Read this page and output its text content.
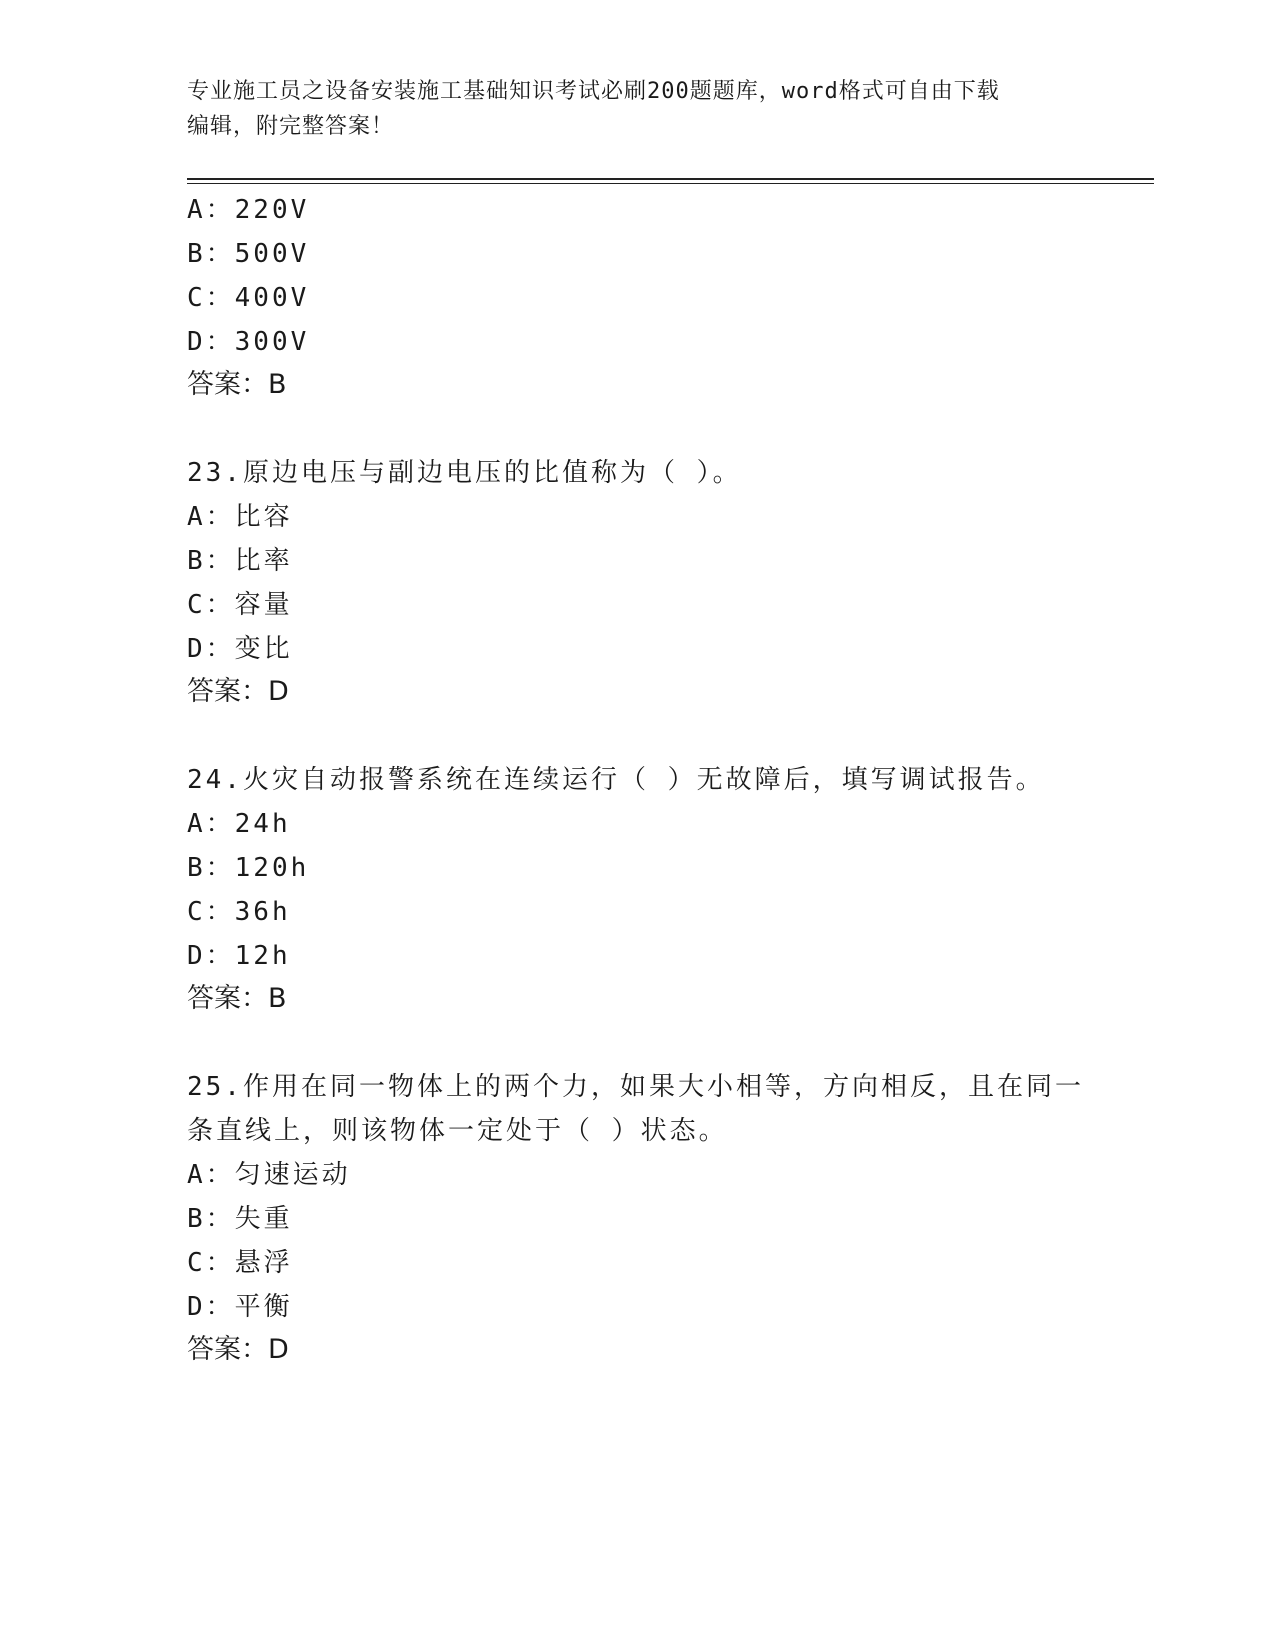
专业施工员之设备安装施工基础知识考试必刷200题题库，word格式可自由下载
编辑，附完整答案！
A：220V
B：500V
C：400V
D：300V
答案：B
23.原边电压与副边电压的比值称为（ ）。
A：比容
B：比率
C：容量
D：变比
答案：D
24.火灾自动报警系统在连续运行（ ）无故障后，填写调试报告。
A：24h
B：120h
C：36h
D：12h
答案：B
25.作用在同一物体上的两个力，如果大小相等，方向相反，且在同一
条直线上，则该物体一定处于（ ）状态。
A：匀速运动
B：失重
C：悬浮
D：平衡
答案：D
